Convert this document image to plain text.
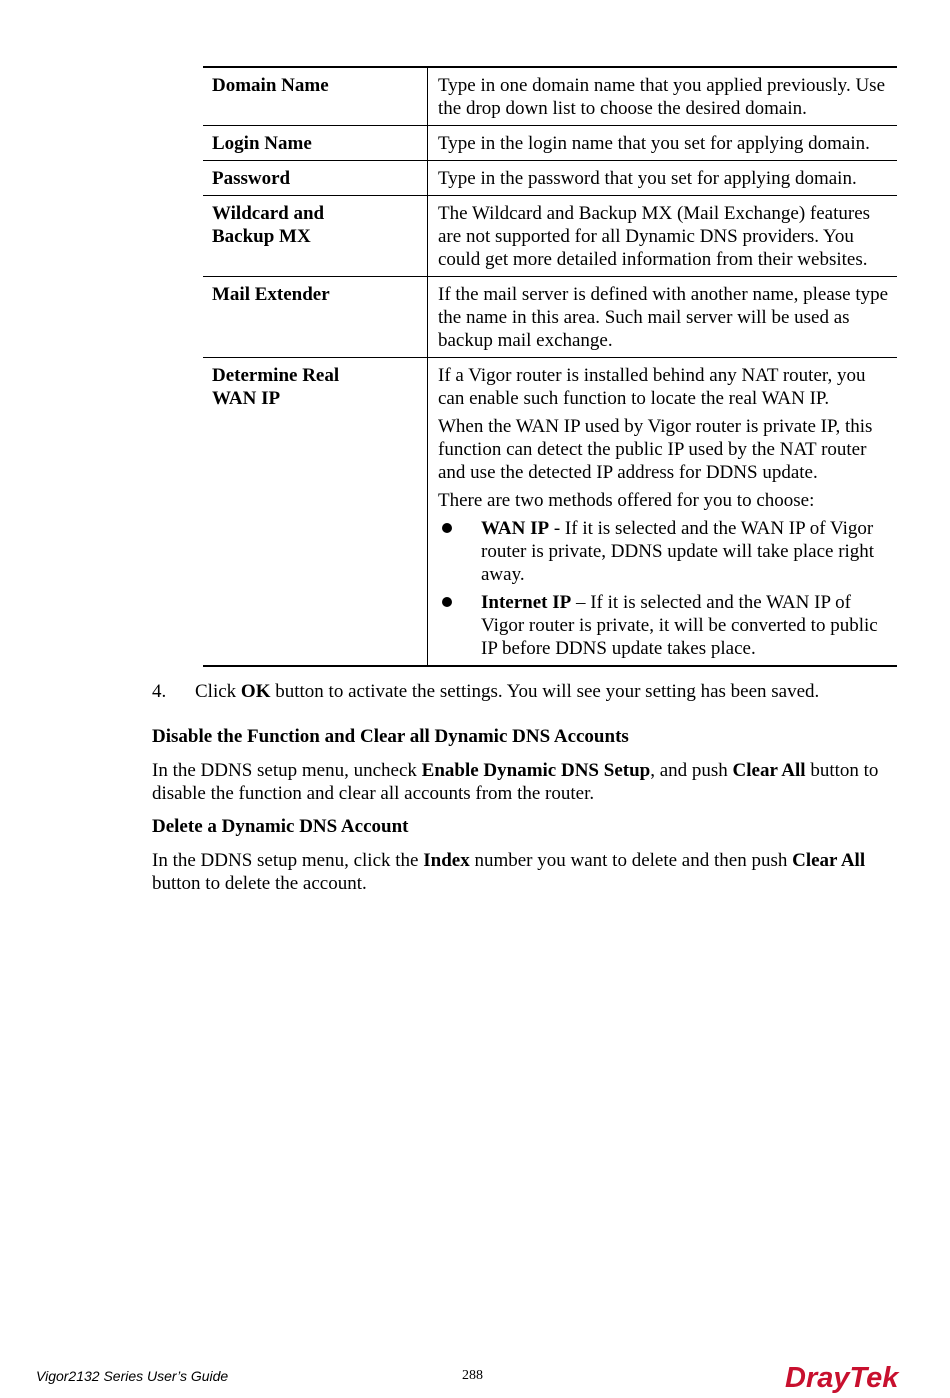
Domain Name	Type in one domain name that you applied previously. Use the drop down list to choose the desired domain.

Login Name	Type in the login name that you set for applying domain.

Password	Type in the password that you set for applying domain.

Wildcard and Backup MX	The Wildcard and Backup MX (Mail Exchange) features are not supported for all Dynamic DNS providers. You could get more detailed information from their websites.

Mail Extender	If the mail server is defined with another name, please type the name in this area. Such mail server will be used as backup mail exchange.

Determine Real WAN IP	If a Vigor router is installed behind any NAT router, you can enable such function to locate the real WAN IP.

When the WAN IP used by Vigor router is private IP, this function can detect the public IP used by the NAT router and use the detected IP address for DDNS update.

There are two methods offered for you to choose:

WAN IP - If it is selected and the WAN IP of Vigor router is private, DDNS update will take place right away.
Internet IP – If it is selected and the WAN IP of Vigor router is private, it will be converted to public IP before DDNS update takes place.
4. Click OK button to activate the settings. You will see your setting has been saved.
Disable the Function and Clear all Dynamic DNS Accounts
In the DDNS setup menu, uncheck Enable Dynamic DNS Setup, and push Clear All button to disable the function and clear all accounts from the router.
Delete a Dynamic DNS Account
In the DDNS setup menu, click the Index number you want to delete and then push Clear All button to delete the account.
Vigor2132 Series User’s Guide	288	DrayTek
